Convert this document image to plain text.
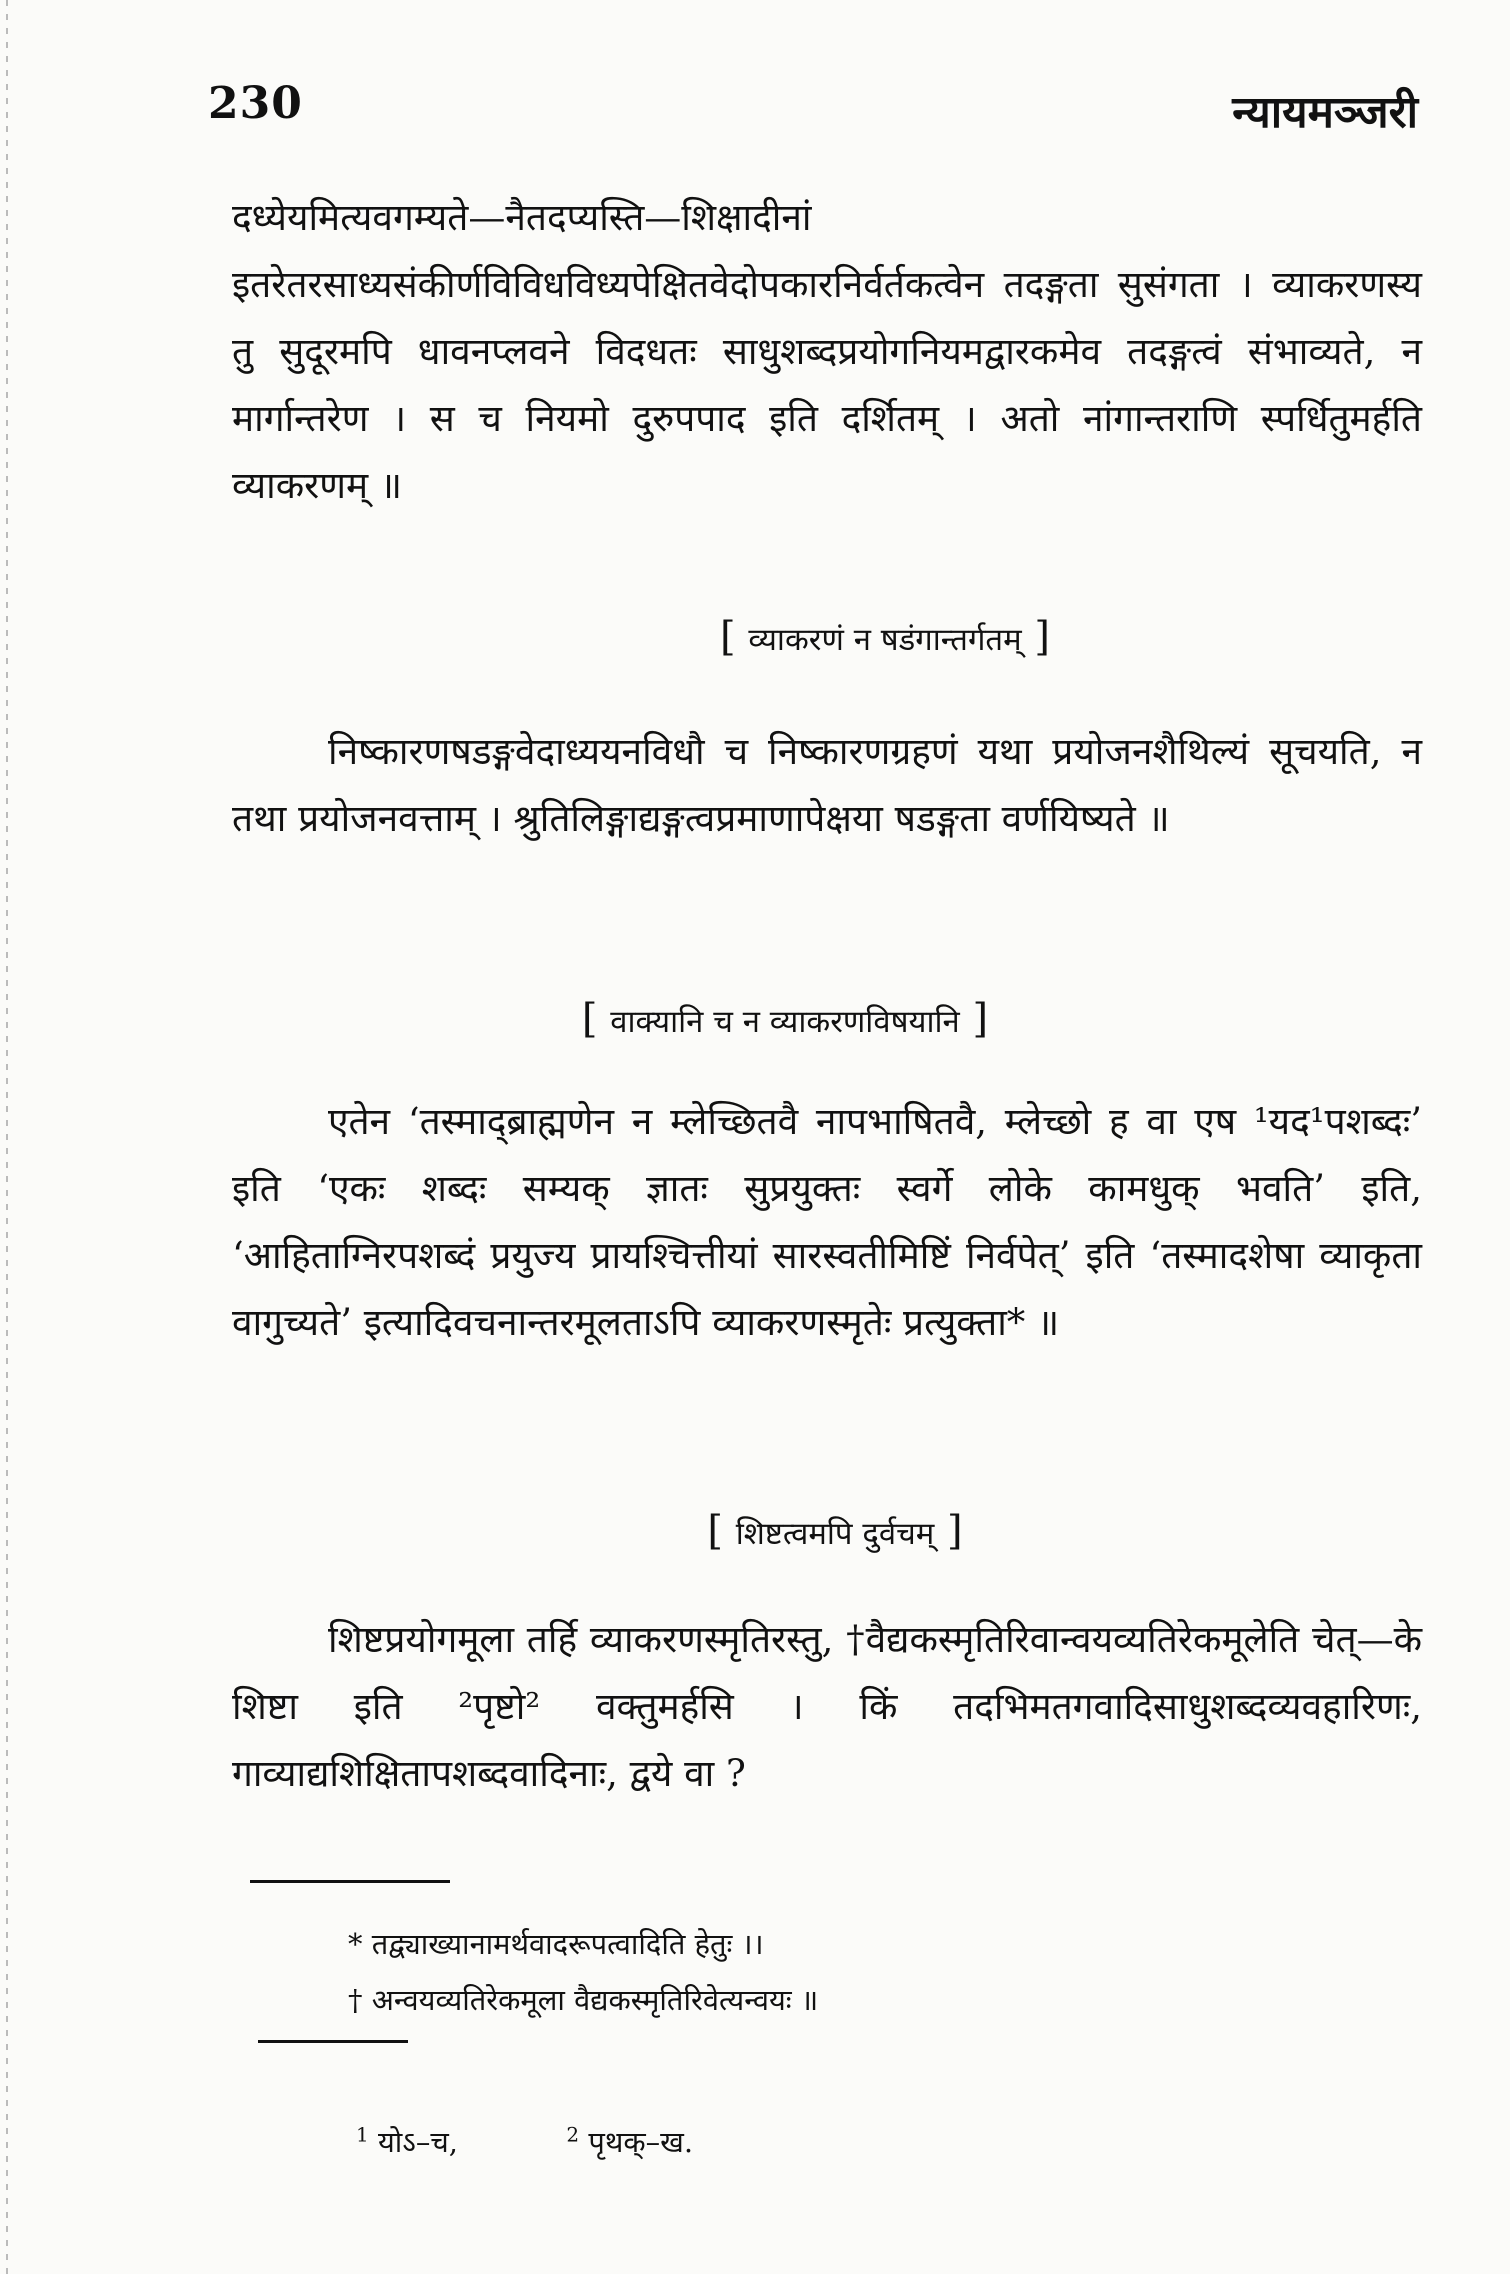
230	न्यायमञ्जरी
दध्येयमित्यवगम्यते—नैतदप्यस्ति—शिक्षादीनां इतरेतरसाध्यसंकीर्णविविधविध्यपेक्षितवेदोपकारनिर्वर्तकत्वेन तदङ्गता सुसंगता । व्याकरणस्य तु सुदूरमपि धावनप्लवने विदधतः साधुशब्दप्रयोगनियमद्वारकमेव तदङ्गत्वं संभाव्यते, न मार्गान्तरेण । स च नियमो दुरुपपाद इति दर्शितम् । अतो नांगान्तराणि स्पर्धितुमर्हति व्याकरणम् ॥
[ व्याकरणं न षडंगान्तर्गतम् ]
निष्कारणषडङ्गवेदाध्ययनविधौ च निष्कारणग्रहणं यथा प्रयोजनशैथिल्यं सूचयति, न तथा प्रयोजनवत्ताम् । श्रुतिलिङ्गाद्यङ्गत्वप्रमाणापेक्षया षडङ्गता वर्णयिष्यते ॥
[ वाक्यानि च न व्याकरणविषयानि ]
एतेन ‘तस्माद्ब्राह्मणेन न म्लेच्छितवै नापभाषितवै, म्लेच्छो ह वा एष ¹यद¹पशब्दः’ इति ‘एकः शब्दः सम्यक् ज्ञातः सुप्रयुक्तः स्वर्गे लोके कामधुक् भवति’ इति, ‘आहिताग्निरपशब्दं प्रयुज्य प्रायश्चित्तीयां सारस्वतीमिष्टिं निर्वपेत्’ इति ‘तस्मादशेषा व्याकृता वागुच्यते’ इत्यादिवचनान्तरमूलताऽपि व्याकरणस्मृतेः प्रत्युक्ता* ॥
[ शिष्टत्वमपि दुर्वचम् ]
शिष्टप्रयोगमूला तर्हि व्याकरणस्मृतिरस्तु, †वैद्यकस्मृतिरिवान्वयव्यतिरेकमूलेति चेत्—के शिष्टा इति ²पृष्टो² वक्तुमर्हसि । किं तदभिमतगवादिसाधुशब्दव्यवहारिणः, गाव्याद्यशिक्षितापशब्दवादिनाः, द्वये वा ?
* तद्व्याख्यानामर्थवादरूपत्वादिति हेतुः ।।
† अन्वयव्यतिरेकमूला वैद्यकस्मृतिरिवेत्यन्वयः ॥
$^1$ योऽ–च,	$^2$ पृथक्–ख.
